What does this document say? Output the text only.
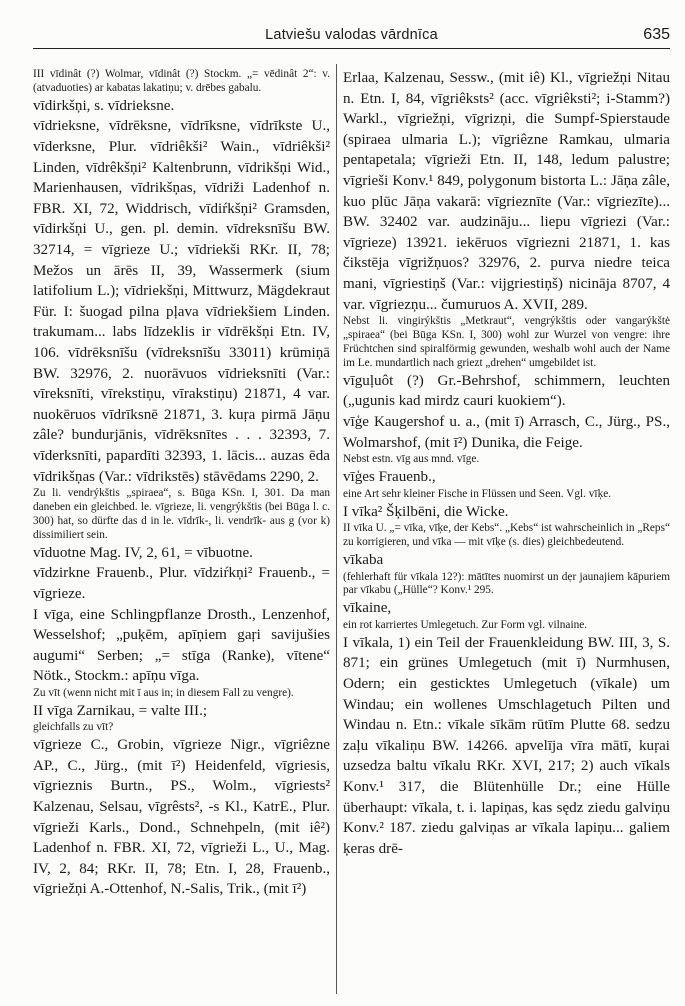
Latviešu valodas vārdnīca	635

III vīdinât (?) Wolmar, vīdinât (?) Stockm. „= vēdinât 2“: v. (atvaduoties) ar kabatas lakatiņu; v. drēbes gabalu.

vīdirkšņi, s. vīdrieksne.

vīdrieksne, vīdrēksne, vīdrīksne, vīdrīkste U., vīderksne, Plur. vīdriêkši² Wain., vīdriêkši² Linden, vīdrêkšņi² Kaltenbrunn, vīdrikšņi Wid., Marienhausen, vīdrikšņas, vīdriži Ladenhof n. FBR. XI, 72, Widdrisch, vīdiŕkšņi² Gramsden, vīdirkšņi U., gen. pl. demin. vīdreksnīšu BW. 32714, = vīgrieze U.; vīdriekši RKr. II, 78; Mežos un ārēs II, 39, Wassermerk (sium latifolium L.); vīdriekšņi, Mittwurz, Mägdekraut Für. I: šuogad pilna pļava vīdriekšiem Linden. trakumam... labs līdzeklis ir vīdrēkšņi Etn. IV, 106. vīdrēksnīšu (vīdreksnīšu 33011) krūmiņā BW. 32976, 2. nuorāvuos vīdrieksnīti (Var.: vīreksnīti, vīrekstiņu, vīrakstiņu) 21871, 4 var. nuokēruos vīdrīksnē 21871, 3. kuŗa pirmā Jāņu zâle? bundurjānis, vīdrēksnītes . . . 32393, 7. vīderksnīti, papardīti 32393, 1. lācis... auzas ēda vīdrikšņas (Var.: vīdrikstēs) stāvēdams 2290, 2.

Zu li. vendrýkštis „spiraea“, s. Būga KSn. I, 301. Da man daneben ein gleichbed. le. vīgrieze, li. vengrýkštis (bei Būga l. c. 300) hat, so dürfte das d in le. vīdrīk-, li. vendrīk- aus g (vor k) dissimiliert sein.

vīduotne Mag. IV, 2, 61, = vībuotne.

vīdzirkne Frauenb., Plur. vīdziŕkņi² Frauenb., = vīgrieze.

I vīga, eine Schlingpflanze Drosth., Lenzenhof, Wesselshof; „puķēm, apīņiem gaŗi savijušies augumi“ Serben; „= stīga (Ranke), vītene“ Nötk., Stockm.: apīņu vīga.

Zu vīt (wenn nicht mit ī aus in; in diesem Fall zu vengre).

II vīga Zarnikau, = valte III.;

gleichfalls zu vīt?

vīgrieze C., Grobin, vīgrieze Nigr., vīgriêzne AP., C., Jürg., (mit ī²) Heidenfeld, vīgriesis, vīgrieznis Burtn., PS., Wolm., vīgriests² Kalzenau, Selsau, vīgrêsts², -s Kl., KatrE., Plur. vīgrieži Karls., Dond., Schnehpeln, (mit iê²) Ladenhof n. FBR. XI, 72, vīgrieži L., U., Mag. IV, 2, 84; RKr. II, 78; Etn. I, 28, Frauenb., vīgriežņi A.-Ottenhof, N.-Salis, Trik., (mit ī²)

Erlaa, Kalzenau, Sessw., (mit iê) Kl., vīgriežņi Nitau n. Etn. I, 84, vīgriêksts² (acc. vīgriêksti²; i-Stamm?) Warkl., vīgriežņi, vīgrizņi, die Sumpf-Spierstaude (spiraea ulmaria L.); vīgriêzne Ramkau, ulmaria pentapetala; vīgrieži Etn. II, 148, ledum palustre; vīgrieši Konv.¹ 849, polygonum bistorta L.: Jāņa zâle, kuo plūc Jāņa vakarā: vīgrieznīte (Var.: vīgriezīte)... BW. 32402 var. audzināju... liepu vīgriezi (Var.: vīgrieze) 13921. iekēruos vīgriezni 21871, 1. kas čikstēja vīgrižņuos? 32976, 2. purva niedre teica mani, vīgriestiņš (Var.: vijgriestiņš) nicināja 8707, 4 var. vīgriezņu... čumuruos A. XVII, 289.

Nebst li. vingirýkštis „Metkraut“, vengrýkštis oder vangarýkštė „spiraea“ (bei Būga KSn. I, 300) wohl zur Wurzel von vengre: ihre Früchtchen sind spiralförmig gewunden, weshalb wohl auch der Name im Le. mundartlich nach griezt „drehen“ umgebildet ist.

vīguļuôt (?) Gr.-Behrshof, schimmern, leuchten („ugunis kad mirdz cauri kuokiem“).

vīģe Kaugershof u. a., (mit ī) Arrasch, C., Jürg., PS., Wolmarshof, (mit ī²) Dunika, die Feige.

Nebst estn. vīg aus mnd. vīge.

vīģes Frauenb.,

eine Art sehr kleiner Fische in Flüssen und Seen. Vgl. vīķe.

I vīka² Šķilbēni, die Wicke.

II vīka U. „= vīka, vīķe, der Kebs“. „Kebs“ ist wahrscheinlich in „Reps“ zu korrigieren, und vīka — mit vīķe (s. dies) gleichbedeutend.

vīkaba

(fehlerhaft für vīkala 12?): mātītes nuomirst un dẹr jaunajiem kāpuriem par vīkabu („Hülle“? Konv.¹ 295.

vīkaine,

ein rot karriertes Umlegetuch. Zur Form vgl. vilnaine.

I vīkala, 1) ein Teil der Frauenkleidung BW. III, 3, S. 871; ein grünes Umlegetuch (mit ī) Nurmhusen, Odern; ein gesticktes Umlegetuch (vīkale) um Windau; ein wollenes Umschlagetuch Pilten und Windau n. Etn.: vīkale sīkām rūtīm Plutte 68. sedzu zaļu vīkaliņu BW. 14266. apvelīja vīra mātī, kuŗai uzsedza baltu vīkalu RKr. XVI, 217; 2) auch vīkals Konv.¹ 317, die Blütenhülle Dr.; eine Hülle überhaupt: vīkala, t. i. lapiņas, kas sędz ziedu galviņu Konv.² 187. ziedu galviņas ar vīkala lapiņu... galiem ķeras drē-
